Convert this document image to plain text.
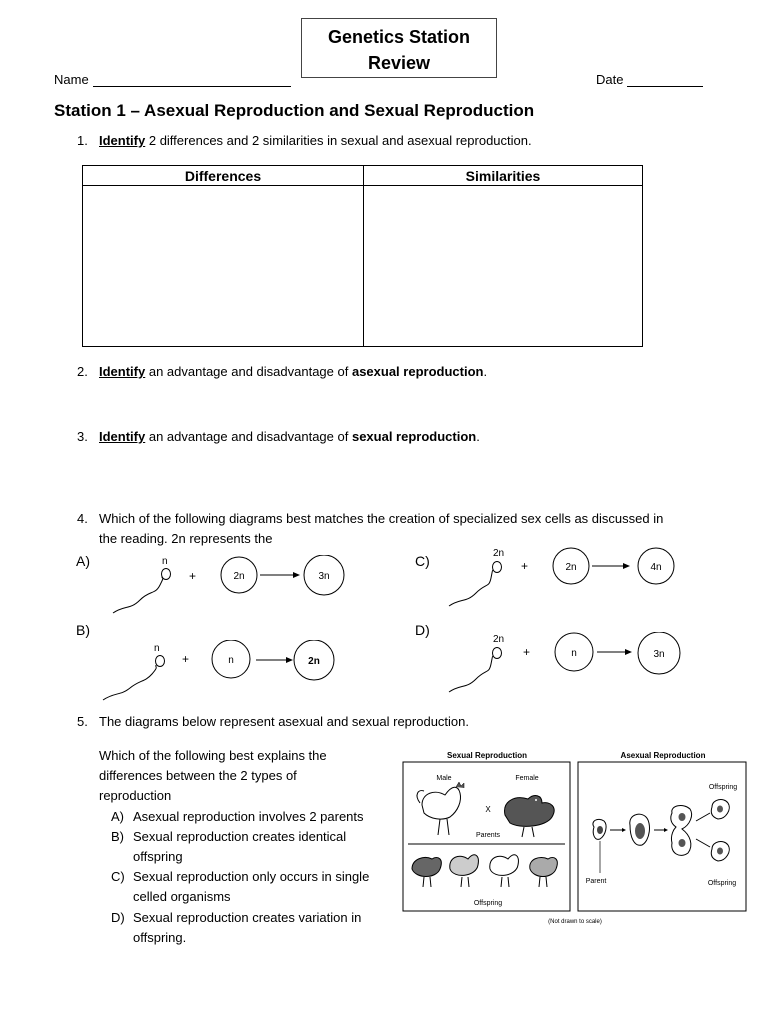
Genetics Station
Review
Name	Date
Station 1 – Asexual Reproduction and Sexual Reproduction
1. Identify 2 differences and 2 similarities in sexual and asexual reproduction.
Differences	Similarities

2. Identify an advantage and disadvantage of asexual reproduction.
3. Identify an advantage and disadvantage of sexual reproduction.
4. Which of the following diagrams best matches the creation of specialized sex cells as discussed in
the reading. 2n represents the
A)	C)
B)	D)
n
+	2n	3n
2n
+	2n	4n
n
+	n	2n
2n
+	n	3n
5. The diagrams below represent asexual and sexual reproduction.
Which of the following best explains the
differences between the 2 types of
reproduction
A) Asexual reproduction involves 2 parents
B) Sexual reproduction creates identical
offspring
C) Sexual reproduction only occurs in single
celled organisms
D) Sexual reproduction creates variation in
offspring.
Sexual Reproduction
Male	Female
X
Parents
Offspring
Asexual Reproduction
Offspring
Parent	Offspring
(Not drawn to scale)
